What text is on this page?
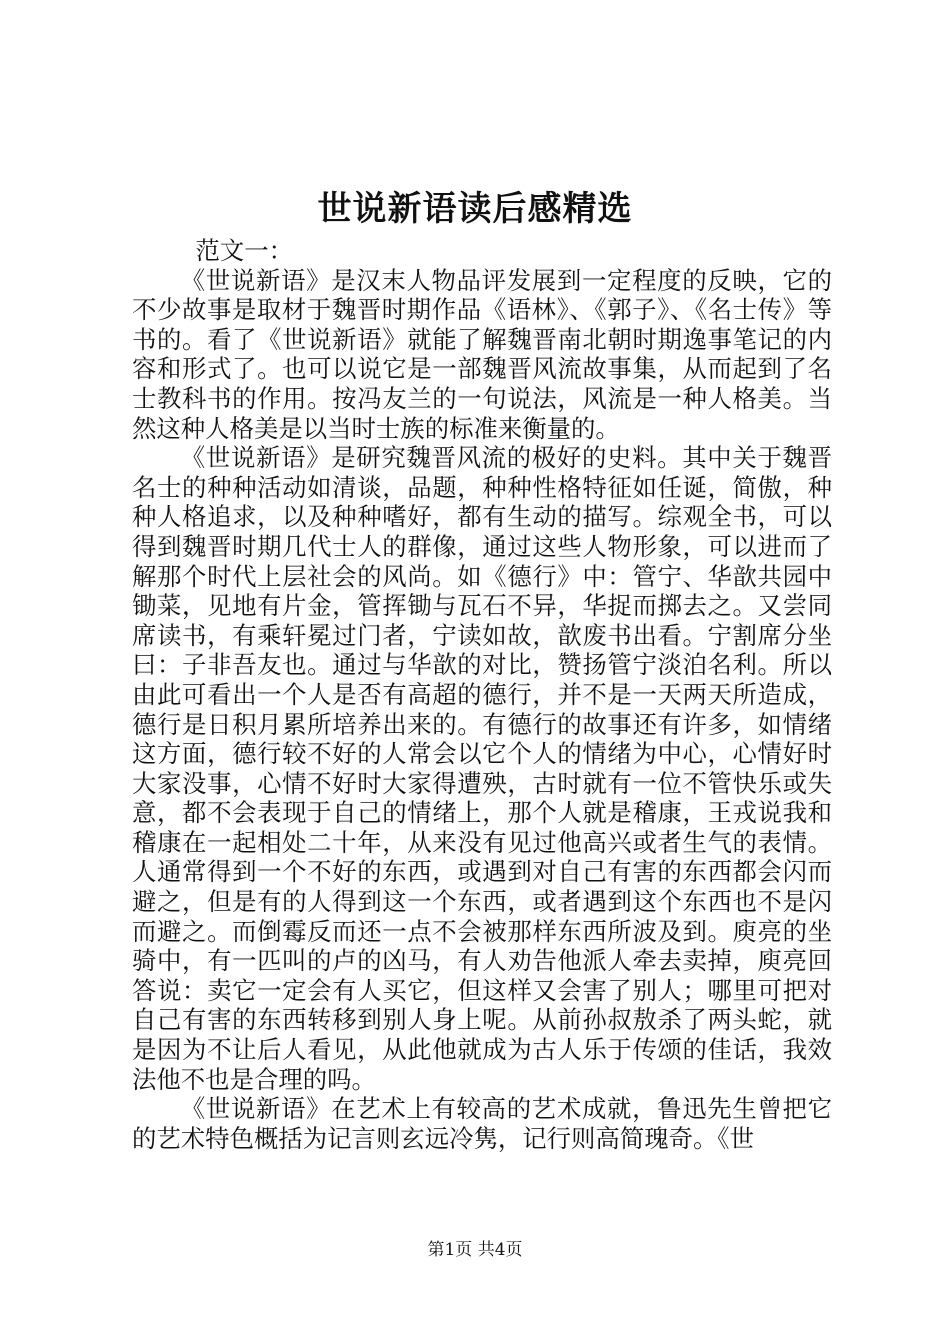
世说新语读后感精选

范文一：

《世说新语》是汉末人物品评发展到一定程度的反映，它的不少故事是取材于魏晋时期作品《语林》、《郭子》、《名士传》等书的。看了《世说新语》就能了解魏晋南北朝时期逸事笔记的内容和形式了。也可以说它是一部魏晋风流故事集，从而起到了名士教科书的作用。按冯友兰的一句说法，风流是一种人格美。当然这种人格美是以当时士族的标准来衡量的。

《世说新语》是研究魏晋风流的极好的史料。其中关于魏晋名士的种种活动如清谈，品题，种种性格特征如任诞，简傲，种种人格追求，以及种种嗜好，都有生动的描写。综观全书，可以得到魏晋时期几代士人的群像，通过这些人物形象，可以进而了解那个时代上层社会的风尚。如《德行》中：管宁、华歆共园中锄菜，见地有片金，管挥锄与瓦石不异，华捉而掷去之。又尝同席读书，有乘轩冕过门者，宁读如故，歆废书出看。宁割席分坐曰：子非吾友也。通过与华歆的对比，赞扬管宁淡泊名利。所以由此可看出一个人是否有高超的德行，并不是一天两天所造成，德行是日积月累所培养出来的。有德行的故事还有许多，如情绪这方面，德行较不好的人常会以它个人的情绪为中心，心情好时大家没事，心情不好时大家得遭殃，古时就有一位不管快乐或失意，都不会表现于自己的情绪上，那个人就是稽康，王戎说我和稽康在一起相处二十年，从来没有见过他高兴或者生气的表情。人通常得到一个不好的东西，或遇到对自己有害的东西都会闪而避之，但是有的人得到这一个东西，或者遇到这个东西也不是闪而避之。而倒霉反而还一点不会被那样东西所波及到。庾亮的坐骑中，有一匹叫的卢的凶马，有人劝告他派人牵去卖掉，庾亮回答说：卖它一定会有人买它，但这样又会害了别人；哪里可把对自己有害的东西转移到别人身上呢。从前孙叔敖杀了两头蛇，就是因为不让后人看见，从此他就成为古人乐于传颂的佳话，我效法他不也是合理的吗。

《世说新语》在艺术上有较高的艺术成就，鲁迅先生曾把它的艺术特色概括为记言则玄远冷隽，记行则高简瑰奇。《世

第1页 共4页
